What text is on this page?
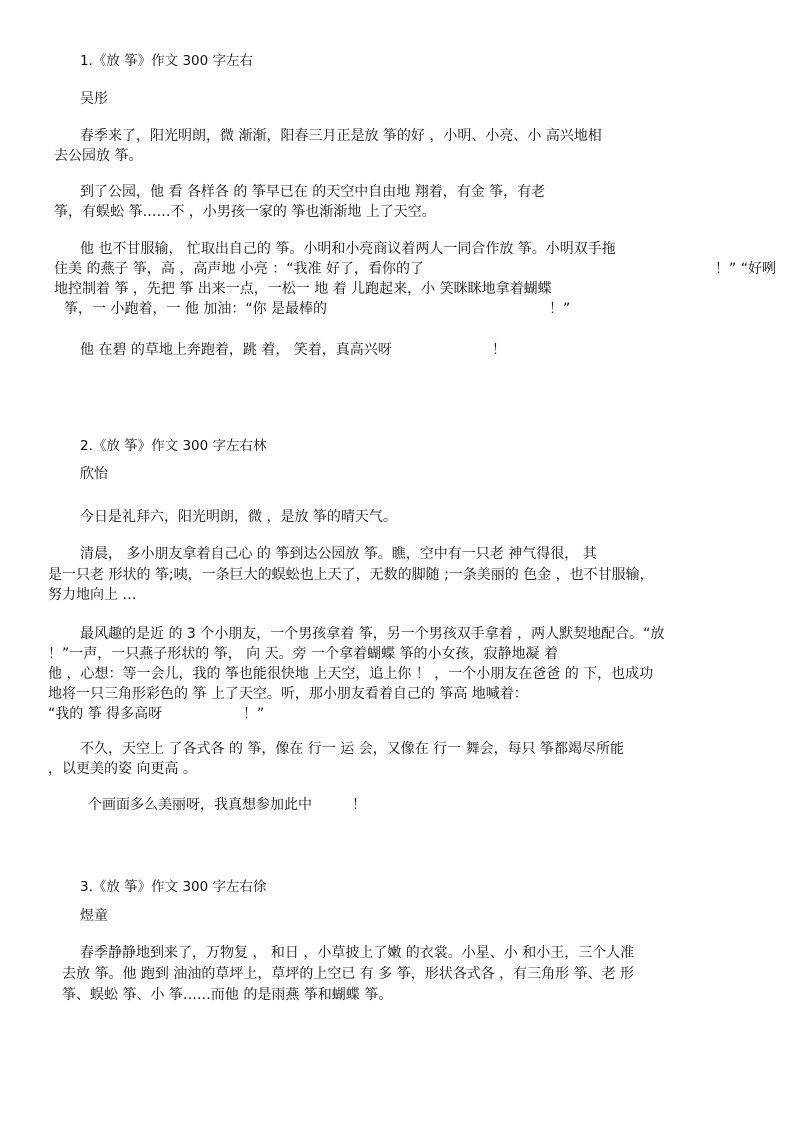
1.《放 筝》作文 300 字左右
吴彤
春季来了，阳光明朗，微 渐渐，阳春三月正是放 筝的好 ，小明、小亮、小 高兴地相
去公园放 筝。
到了公园，他 看 各样各 的 筝早已在 的天空中自由地 翔着，有金 筝，有老
筝，有蜈蚣 筝……不 ，小男孩一家的 筝也渐渐地 上了天空。
他 也不甘服输， 忙取出自己的 筝。小明和小亮商议着两人一同合作放 筝。小明双手拖
住美 的燕子 筝，高 ，高声地 小亮 ：“我准 好了，看你的了	！” “好咧
地控制着 筝 ，先把 筝 出来一点，一松一 地 着 儿跑起来，小 笑眯眯地拿着蝴蝶
筝，一 小跑着，一 他 加油：“你 是最棒的	！”
他 在碧 的草地上奔跑着，跳 着， 笑着，真高兴呀	！
2.《放 筝》作文 300 字左右林
欣怡
今日是礼拜六，阳光明朗，微 ，是放 筝的晴天气。
清晨， 多小朋友拿着自己心 的 筝到达公园放 筝。瞧，空中有一只老 神气得很， 其
是一只老 形状的 筝;咦，一条巨大的蜈蚣也上天了，无数的脚随 ;一条美丽的 色金 ，也不甘服输，
努力地向上 …
最风趣的是近 的 3 个小朋友，一个男孩拿着 筝，另一个男孩双手拿着 ，两人默契地配合。“放
！”一声，一只燕子形状的 筝， 向 天。旁 一个拿着蝴蝶 筝的小女孩，寂静地凝 着
他 ，心想：等一会儿，我的 筝也能很快地 上天空，追上你 ！ ，一个小朋友在爸爸 的 下，也成功
地将一只三角形彩色的 筝 上了天空。听，那小朋友看着自己的 筝高 地喊着：
“我的 筝 得多高呀	！”
不久，天空上 了各式各 的 筝，像在 行一 运 会，又像在 行一 舞会，每只 筝都竭尽所能
，以更美的姿 向更高 。
个画面多么美丽呀，我真想参加此中	！
3.《放 筝》作文 300 字左右徐
煜童
春季静静地到来了，万物复 ， 和日 ，小草披上了嫩 的衣裳。小星、小 和小王，三个人准
去放 筝。他 跑到 油油的草坪上，草坪的上空已 有 多 筝，形状各式各 ，有三角形 筝、老 形
筝、蜈蚣 筝、小 筝……而他 的是雨燕 筝和蝴蝶 筝。
